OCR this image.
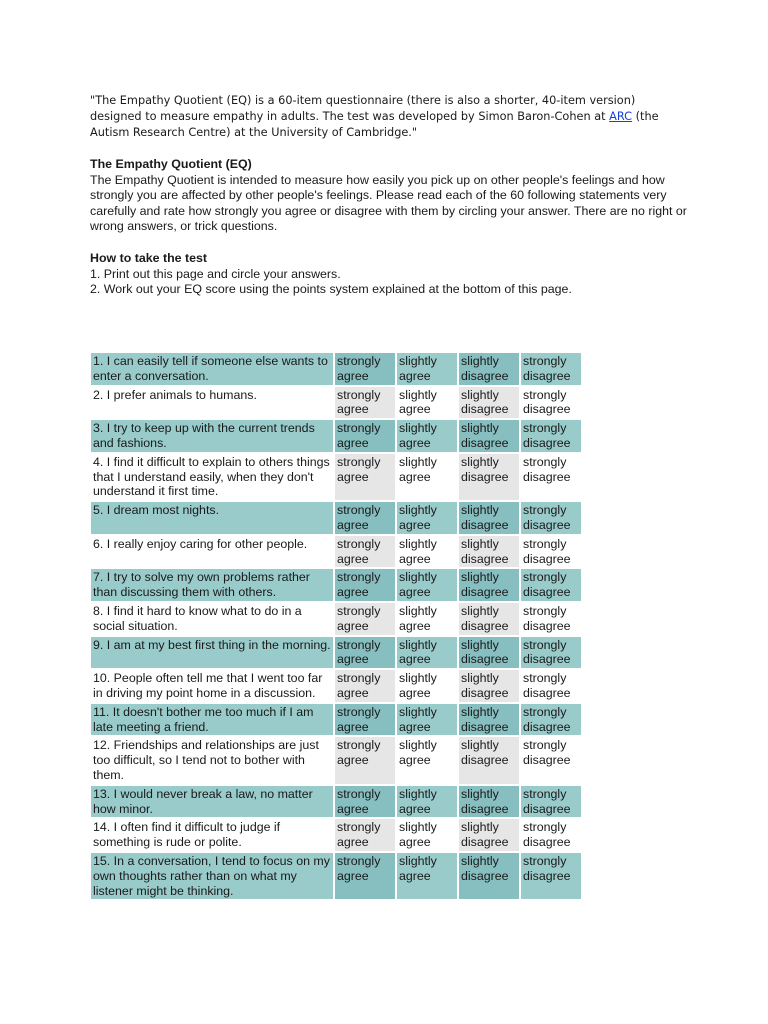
"The Empathy Quotient (EQ) is a 60-item questionnaire (there is also a shorter, 40-item version) designed to measure empathy in adults. The test was developed by Simon Baron-Cohen at ARC (the Autism Research Centre) at the University of Cambridge."
The Empathy Quotient (EQ)

The Empathy Quotient is intended to measure how easily you pick up on other people's feelings and how strongly you are affected by other people's feelings. Please read each of the 60 following statements very carefully and rate how strongly you agree or disagree with them by circling your answer. There are no right or wrong answers, or trick questions.

How to take the test

1. Print out this page and circle your answers.

2. Work out your EQ score using the points system explained at the bottom of this page.

1. I can easily tell if someone else wants to enter a conversation.	strongly agree	slightly agree	slightly disagree	strongly disagree
2. I prefer animals to humans.	strongly agree	slightly agree	slightly disagree	strongly disagree
3. I try to keep up with the current trends and fashions.	strongly agree	slightly agree	slightly disagree	strongly disagree
4. I find it difficult to explain to others things that I understand easily, when they don't understand it first time.	strongly agree	slightly agree	slightly disagree	strongly disagree
5. I dream most nights.	strongly agree	slightly agree	slightly disagree	strongly disagree
6. I really enjoy caring for other people.	strongly agree	slightly agree	slightly disagree	strongly disagree
7. I try to solve my own problems rather than discussing them with others.	strongly agree	slightly agree	slightly disagree	strongly disagree
8. I find it hard to know what to do in a social situation.	strongly agree	slightly agree	slightly disagree	strongly disagree
9. I am at my best first thing in the morning.	strongly agree	slightly agree	slightly disagree	strongly disagree
10. People often tell me that I went too far in driving my point home in a discussion.	strongly agree	slightly agree	slightly disagree	strongly disagree
11. It doesn't bother me too much if I am late meeting a friend.	strongly agree	slightly agree	slightly disagree	strongly disagree
12. Friendships and relationships are just too difficult, so I tend not to bother with them.	strongly agree	slightly agree	slightly disagree	strongly disagree
13. I would never break a law, no matter how minor.	strongly agree	slightly agree	slightly disagree	strongly disagree
14. I often find it difficult to judge if something is rude or polite.	strongly agree	slightly agree	slightly disagree	strongly disagree
15. In a conversation, I tend to focus on my own thoughts rather than on what my listener might be thinking.	strongly agree	slightly agree	slightly disagree	strongly disagree
